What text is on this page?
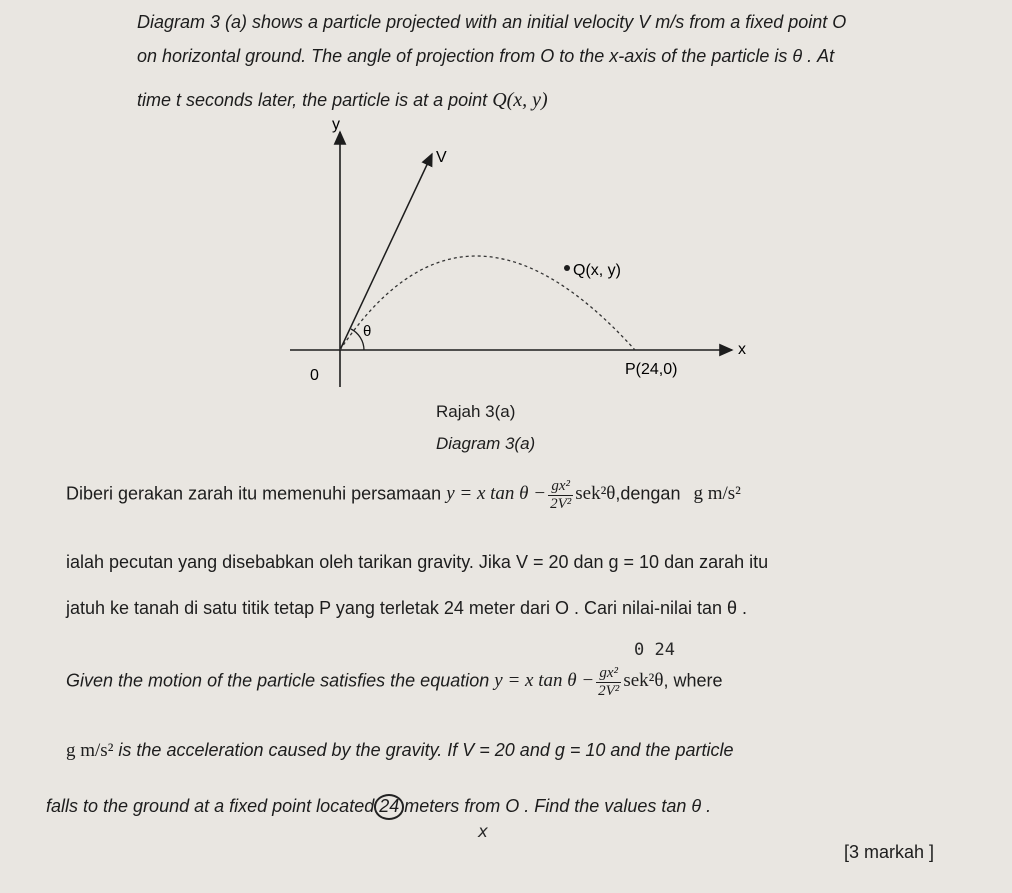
Diagram 3 (a) shows a particle projected with an initial velocity V m/s from a fixed point O
on horizontal ground. The angle of projection from O to the x-axis of the particle is θ . At
time t seconds later, the particle is at a point Q(x, y)
y
x
0
V
θ
Q(x, y)
P(24,0)
Rajah 3(a)
Diagram 3(a)
Diberi gerakan zarah itu memenuhi persamaan y = x $\tan \theta - \frac{\text{gx²}}{\text{2V²}}$ sek²θ,dengan g m/s²
ialah pecutan yang disebabkan oleh tarikan gravity. Jika V = 20 dan g = 10 dan zarah itu
jatuh ke tanah di satu titik tetap P yang terletak 24 meter dari O . Cari nilai-nilai tan θ .
0 24
Given the motion of the particle satisfies the equation y = x $\tan \theta - \frac{\text{gx²}}{\text{2V²}} sek^2\theta$, where
g m/s² is the acceleration caused by the gravity. If V = 20 and g = 10 and the particle
falls to the ground at a fixed point located 24 meters from O . Find the values tan θ .
x
[3 markah ]
